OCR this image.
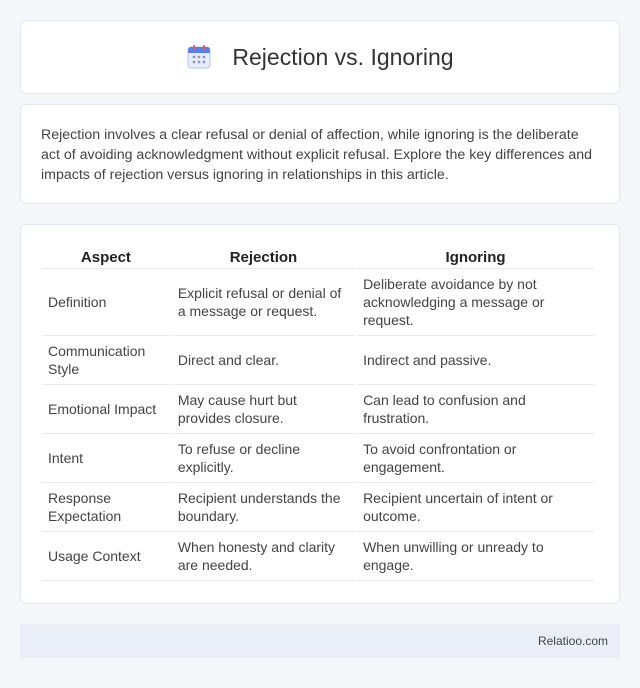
Rejection vs. Ignoring

Rejection involves a clear refusal or denial of affection, while ignoring is the deliberate act of avoiding acknowledgment without explicit refusal. Explore the key differences and impacts of rejection versus ignoring in relationships in this article.

Aspect	Rejection	Ignoring
Definition	Explicit refusal or denial of a message or request.	Deliberate avoidance by not acknowledging a message or request.
Communication Style	Direct and clear.	Indirect and passive.
Emotional Impact	May cause hurt but provides closure.	Can lead to confusion and frustration.
Intent	To refuse or decline explicitly.	To avoid confrontation or engagement.
Response Expectation	Recipient understands the boundary.	Recipient uncertain of intent or outcome.
Usage Context	When honesty and clarity are needed.	When unwilling or unready to engage.
Relatioo.com
